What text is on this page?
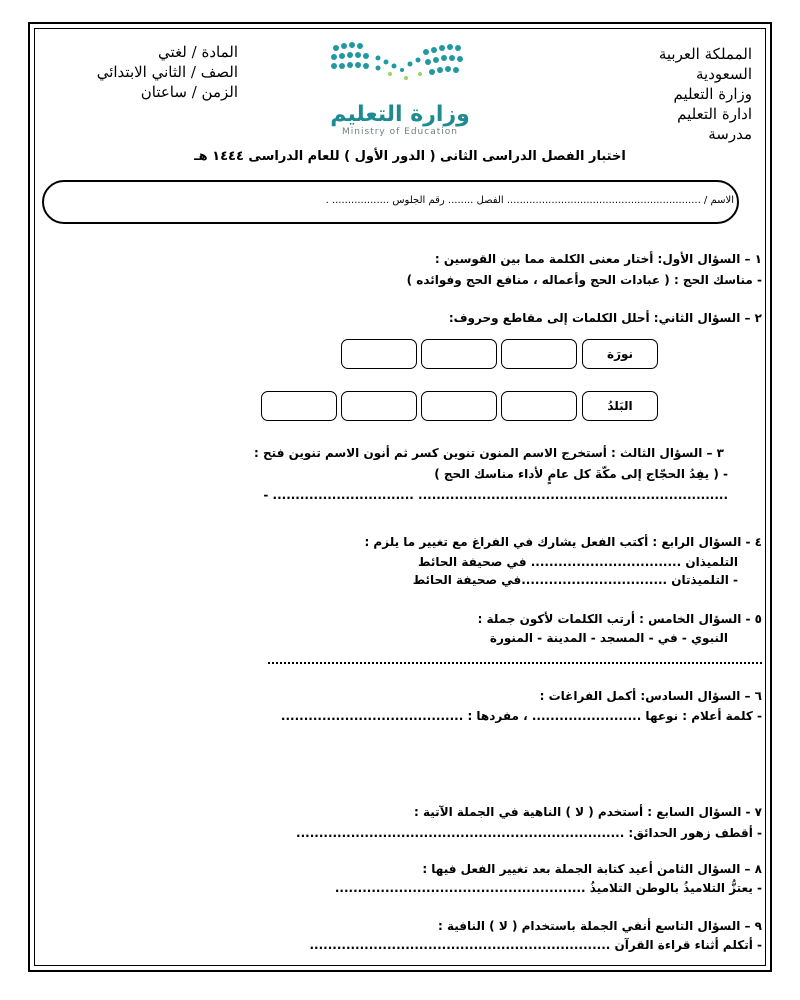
المملكة العربية
السعودية
وزارة التعليم
ادارة التعليم
مدرسة
المادة / لغتي
الصف / الثاني الابتدائي
الزمن / ساعتان
وزارة التعليم
Ministry of Education
اختبار الفصل الدراسى الثانى ( الدور الأول ) للعام الدراسى ١٤٤٤ هـ
الاسم / ............................................................. الفصل ........ رقم الجلوس .................. .
١ – السؤال الأول: أختار معنى الكلمة مما بين القوسين :
- مناسك الحج : ( عبادات الحج وأعماله ، منافع الحج وفوائده )
٢ – السؤال الثاني: أحلل الكلمات إلى مقاطع وحروف:
نورَة
البَلدُ
٣ – السؤال الثالث : أستخرج الاسم المنون تنوين كسر ثم أنون الاسم تنوين فتح :
- ( يفِدُ الحجّاج إلى مكّةَ كل عامٍ لأداء مناسك الحج )
- ............................... ....................................................................
٤ - السؤال الرابع : أكتب الفعل يشارك في الفراغ مع تغيير ما يلزم :
التلميذان ................................. في صحيفة الحائط
- التلميذتان ................................في صحيفة الحائط
٥ - السؤال الخامس : أرتب الكلمات لأكون جملة :
النبوي - في - المسجد - المدينة - المنورة
٦ – السؤال السادس: أكمل الفراغات :
- كلمة أعلام : نوعها ........................ ، مفردها : ........................................
٧ - السؤال السابع : أستخدم ( لا ) الناهية في الجملة الآتية :
- أقطف زهور الحدائق: ........................................................................
٨ – السؤال الثامن أعيد كتابة الجملة بعد تغيير الفعل فيها :
- يعتزُّ التلاميذُ بالوطن التلاميذُ .......................................................
٩ – السؤال التاسع أنفي الجملة باستخدام ( لا ) النافية :
- أتكلم أثناء قراءة القرآن ..................................................................
